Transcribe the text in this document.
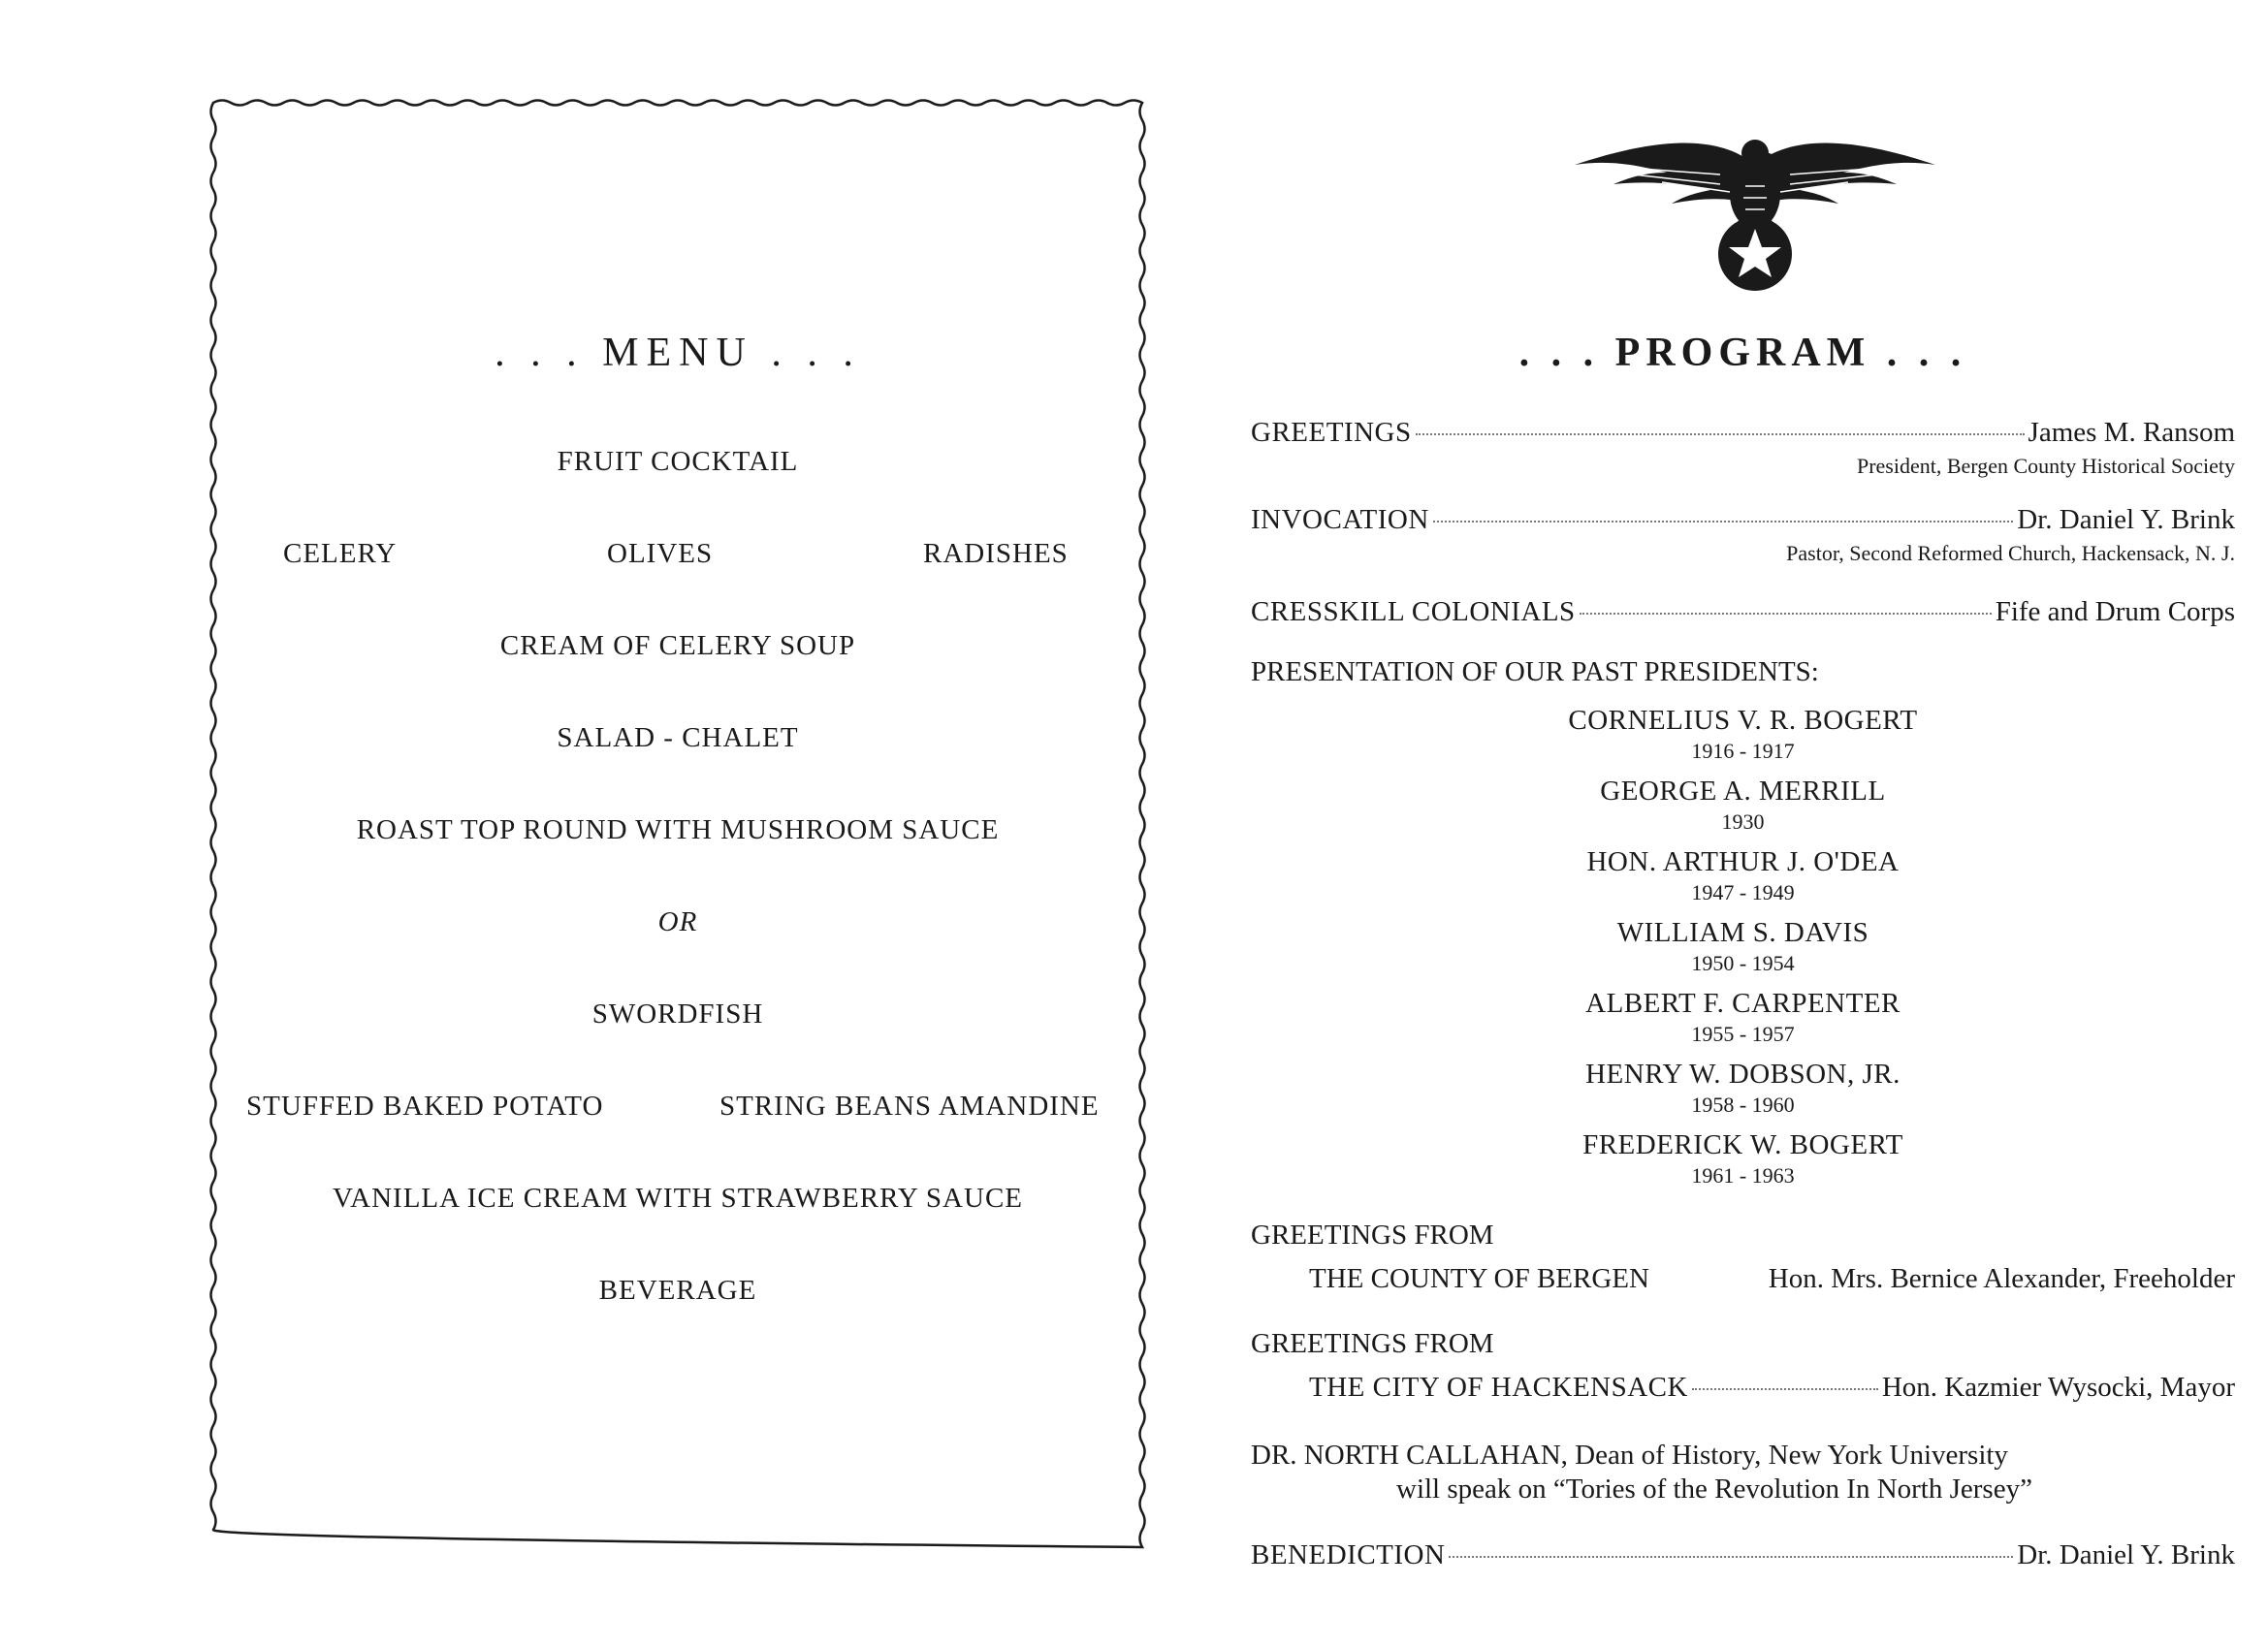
. . . MENU . . .
FRUIT COCKTAIL
CELERY	OLIVES	RADISHES
CREAM OF CELERY SOUP
SALAD - CHALET
ROAST TOP ROUND WITH MUSHROOM SAUCE
OR
SWORDFISH
STUFFED BAKED POTATO	STRING BEANS AMANDINE
VANILLA ICE CREAM WITH STRAWBERRY SAUCE
BEVERAGE
. . . PROGRAM . . .
GREETINGS	James M. Ransom
President, Bergen County Historical Society
INVOCATION	Dr. Daniel Y. Brink
Pastor, Second Reformed Church, Hackensack, N. J.
CRESSKILL COLONIALS	Fife and Drum Corps
PRESENTATION OF OUR PAST PRESIDENTS:
CORNELIUS V. R. BOGERT
1916 - 1917
GEORGE A. MERRILL
1930
HON. ARTHUR J. O'DEA
1947 - 1949
WILLIAM S. DAVIS
1950 - 1954
ALBERT F. CARPENTER
1955 - 1957
HENRY W. DOBSON, JR.
1958 - 1960
FREDERICK W. BOGERT
1961 - 1963
GREETINGS FROM
THE COUNTY OF BERGEN	Hon. Mrs. Bernice Alexander, Freeholder
GREETINGS FROM
THE CITY OF HACKENSACK	Hon. Kazmier Wysocki, Mayor
DR. NORTH CALLAHAN, Dean of History, New York University
will speak on “Tories of the Revolution In North Jersey”
BENEDICTION	Dr. Daniel Y. Brink
